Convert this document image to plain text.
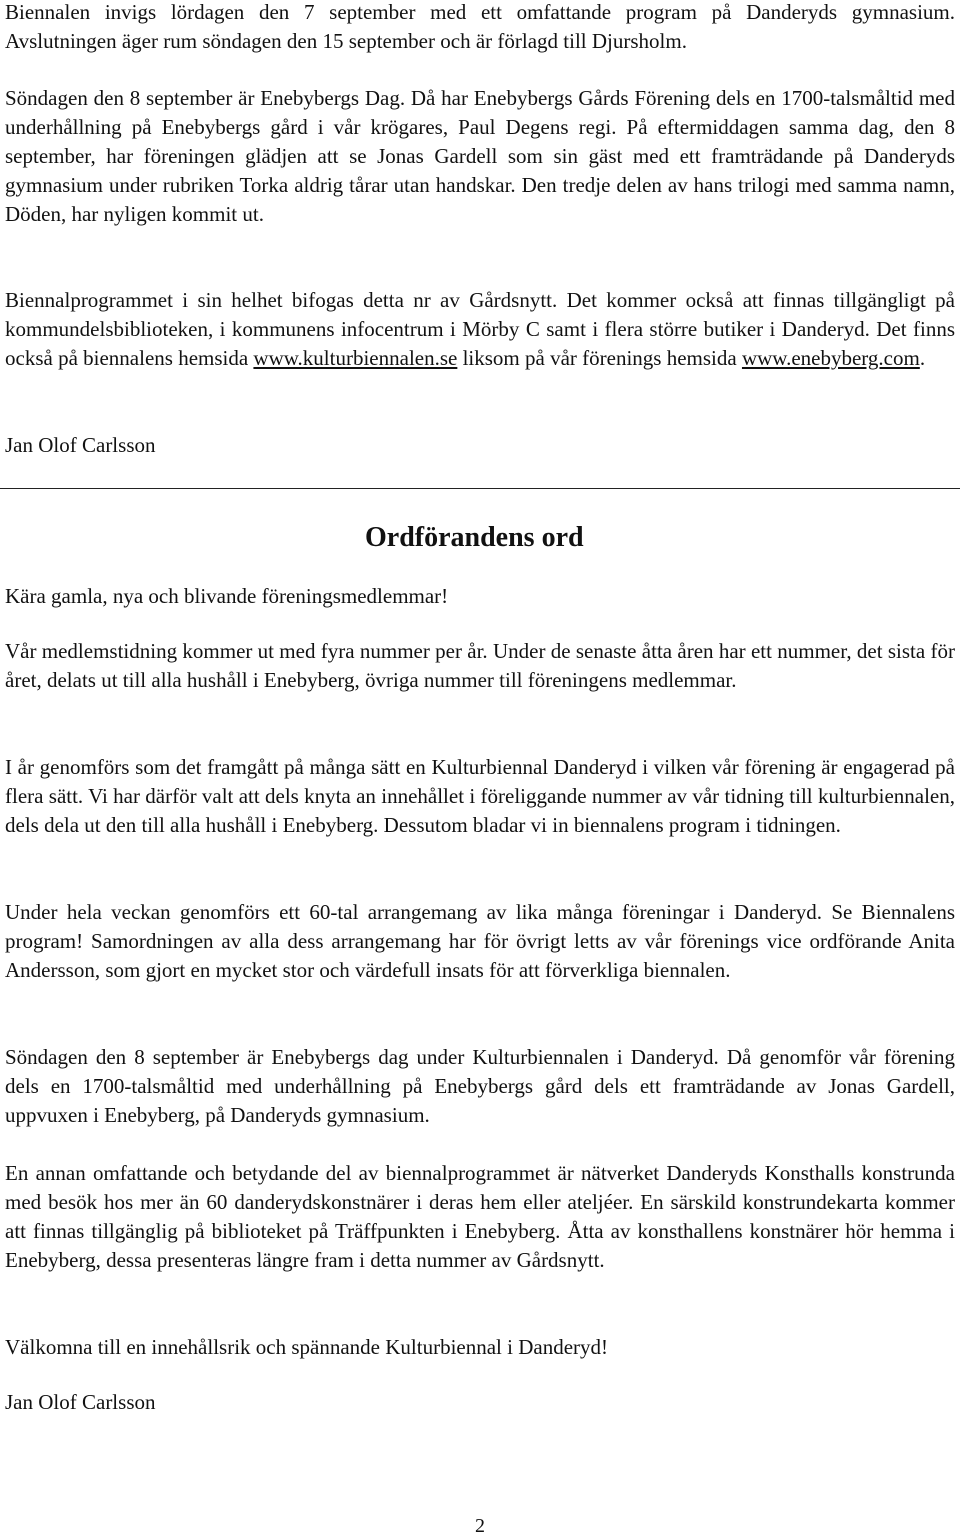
Biennalen invigs lördagen den 7 september med ett omfattande program på Danderyds gymnasium. Avslutningen äger rum söndagen den 15 september och är förlagd till Djursholm.

Söndagen den 8 september är Enebybergs Dag. Då har Enebybergs Gårds Förening dels en 1700-talsmåltid med underhållning på Enebybergs gård i vår krögares, Paul Degens regi. På eftermiddagen samma dag, den 8 september, har föreningen glädjen att se Jonas Gardell som sin gäst med ett framträdande på Danderyds gymnasium under rubriken Torka aldrig tårar utan handskar. Den tredje delen av hans trilogi med samma namn, Döden, har nyligen kommit ut.

Biennalprogrammet i sin helhet bifogas detta nr av Gårdsnytt. Det kommer också att finnas tillgängligt på kommundelsbiblioteken, i kommunens infocentrum i Mörby C samt i flera större butiker i Danderyd. Det finns också på biennalens hemsida www.kulturbiennalen.se liksom på vår förenings hemsida www.enebyberg.com.

Jan Olof Carlsson

Kära gamla, nya och blivande föreningsmedlemmar!

Vår medlemstidning kommer ut med fyra nummer per år. Under de senaste åtta åren har ett nummer, det sista för året, delats ut till alla hushåll i Enebyberg, övriga nummer till föreningens medlemmar.

I år genomförs som det framgått på många sätt en Kulturbiennal Danderyd i vilken vår förening är engagerad på flera sätt. Vi har därför valt att dels knyta an innehållet i föreliggande nummer av vår tidning till kulturbiennalen, dels dela ut den till alla hushåll i Enebyberg. Dessutom bladar vi in biennalens program i tidningen.

Under hela veckan genomförs ett 60-tal arrangemang av lika många föreningar i Danderyd. Se Biennalens program! Samordningen av alla dess arrangemang har för övrigt letts av vår förenings vice ordförande Anita Andersson, som gjort en mycket stor och värdefull insats för att förverkliga biennalen.

Söndagen den 8 september är Enebybergs dag under Kulturbiennalen i Danderyd. Då genomför vår förening dels en 1700-talsmåltid med underhållning på Enebybergs gård dels ett framträdande av Jonas Gardell, uppvuxen i Enebyberg, på Danderyds gymnasium.

En annan omfattande och betydande del av biennalprogrammet är nätverket Danderyds Konsthalls konstrunda med besök hos mer än 60 danderydskonstnärer i deras hem eller ateljéer. En särskild konstrundekarta kommer att finnas tillgänglig på biblioteket på Träffpunkten i Enebyberg. Åtta av konsthallens konstnärer hör hemma i Enebyberg, dessa presenteras längre fram i detta nummer av Gårdsnytt.

Välkomna till en innehållsrik och spännande Kulturbiennal i Danderyd!

Jan Olof Carlsson

Ordförandens ord
2
